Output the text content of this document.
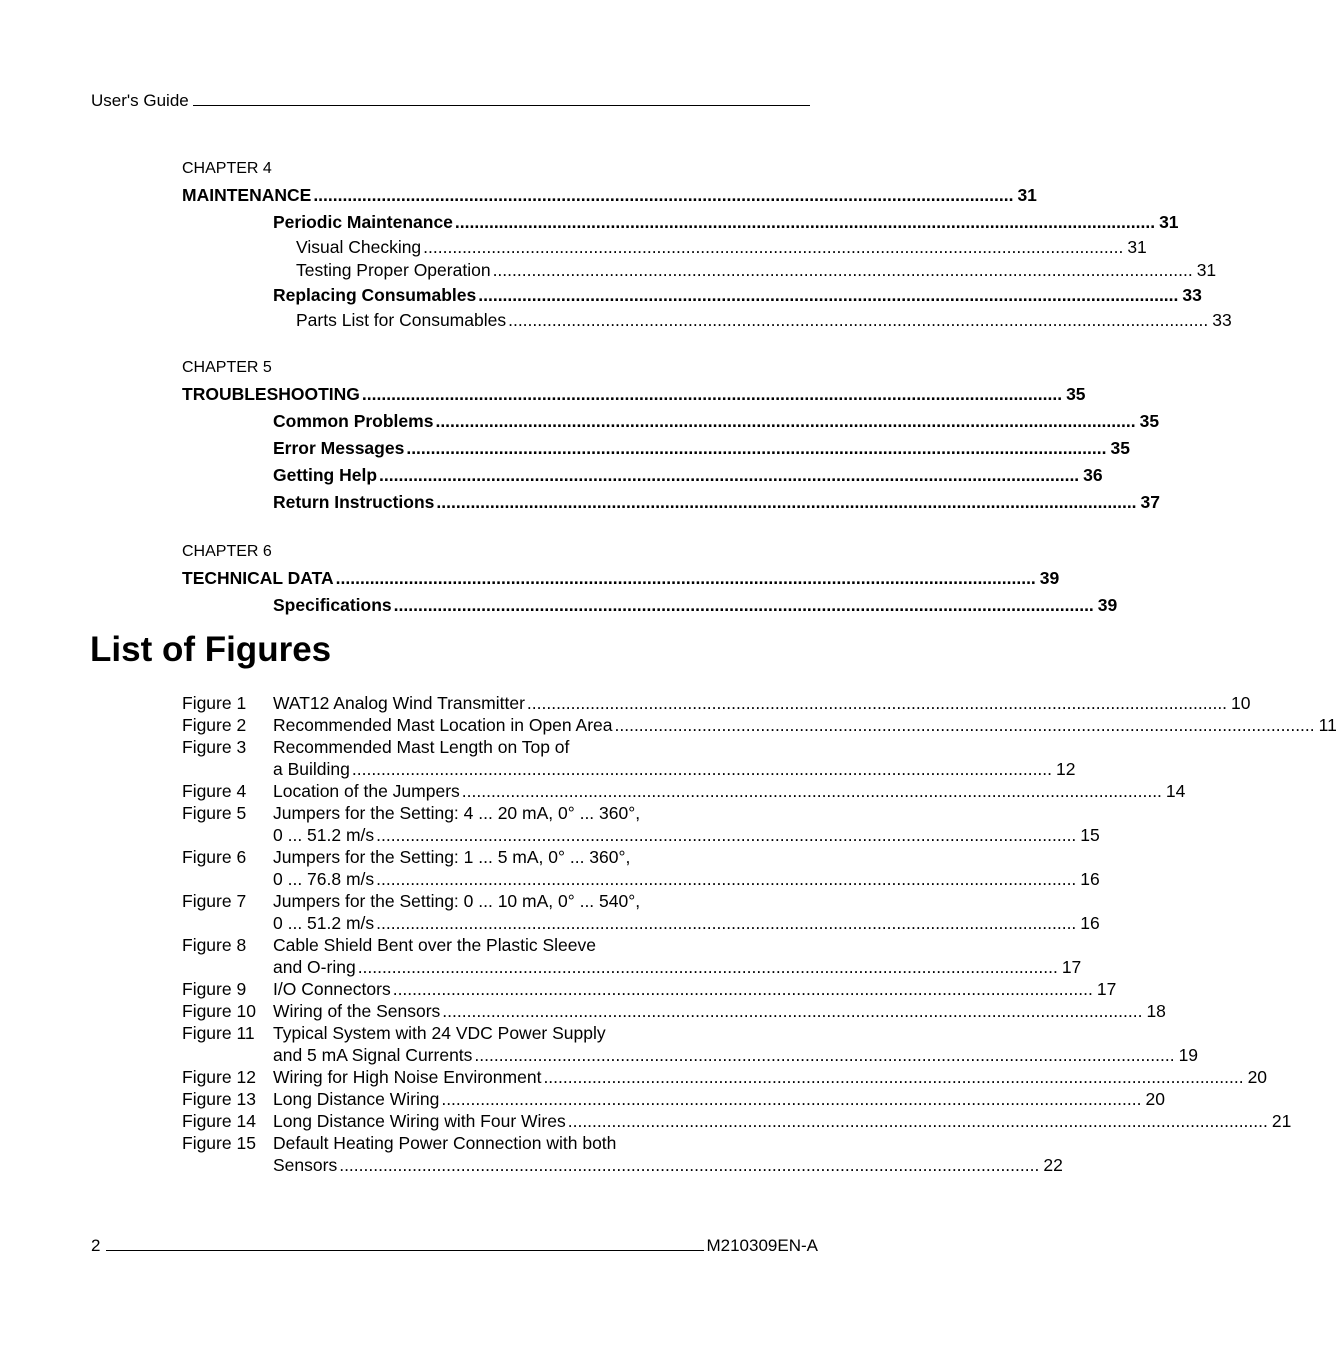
User's Guide
CHAPTER 4
MAINTENANCE .....	31
Periodic Maintenance .....	31
Visual Checking .....	31
Testing Proper Operation .....	31
Replacing Consumables .....	33
Parts List for Consumables .....	33
CHAPTER 5
TROUBLESHOOTING .....	35
Common Problems .....	35
Error Messages .....	35
Getting Help .....	36
Return Instructions .....	37
CHAPTER 6
TECHNICAL DATA .....	39
Specifications .....	39
List of Figures
Figure 1	WAT12 Analog Wind Transmitter .....	10
Figure 2	Recommended Mast Location in Open Area .....	11
Figure 3	Recommended Mast Length on Top of
a Building .....	12
Figure 4	Location of the Jumpers .....	14
Figure 5	Jumpers for the Setting: 4 ... 20 mA, 0° ... 360°,
0 ... 51.2 m/s .....	15
Figure 6	Jumpers for the Setting: 1 ... 5 mA, 0° ... 360°,
0 ... 76.8 m/s .....	16
Figure 7	Jumpers for the Setting: 0 ... 10 mA, 0° ... 540°,
0 ... 51.2 m/s .....	16
Figure 8	Cable Shield Bent over the Plastic Sleeve
and O-ring .....	17
Figure 9	I/O Connectors .....	17
Figure 10 Wiring of the Sensors .....	18
Figure 11	Typical System with 24 VDC Power Supply
and 5 mA Signal Currents .....	19
Figure 12 Wiring for High Noise Environment .....	20
Figure 13 Long Distance Wiring .....	20
Figure 14 Long Distance Wiring with Four Wires .....	21
Figure 15 Default Heating Power Connection with both
Sensors .....	22
2	M210309EN-A
